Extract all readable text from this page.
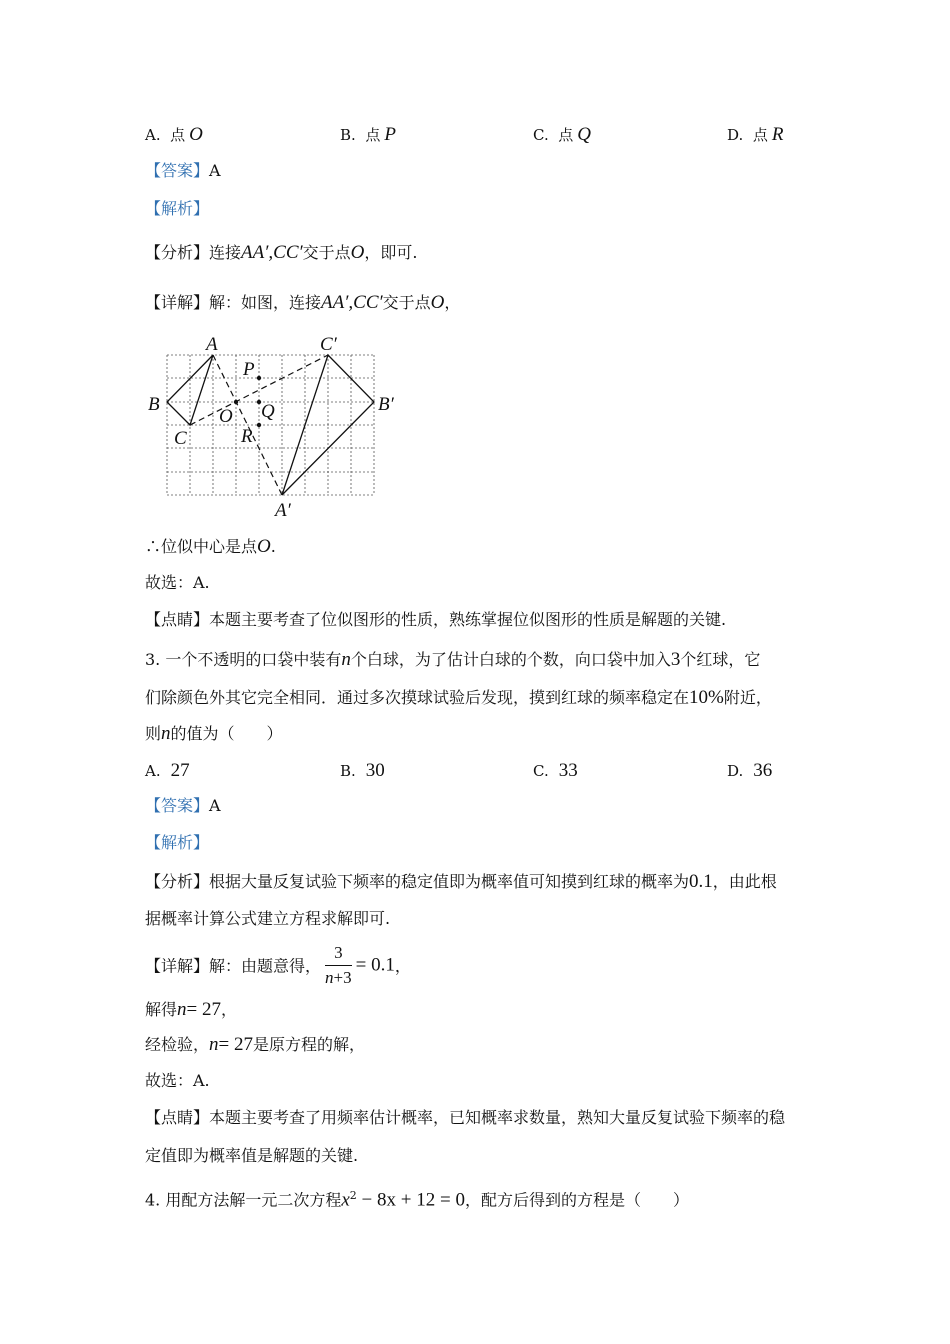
A. 点 O	B. 点 P	C. 点 Q	D. 点 R
【答案】A
【解析】
【分析】连接AA′,CC′交于点O，即可.
【详解】解：如图，连接AA′,CC′交于点O，
A
B
C
C′
B′
A′
O
P
Q
R
∴位似中心是点O.
故选：A.
【点睛】本题主要考查了位似图形的性质，熟练掌握位似图形的性质是解题的关键.
3. 一个不透明的口袋中装有n个白球，为了估计白球的个数，向口袋中加入3个红球，它
们除颜色外其它完全相同．通过多次摸球试验后发现，摸到红球的频率稳定在10%附近，
则n的值为（　　）
A. 27	B. 30	C. 33	D. 36
【答案】A
【解析】
【分析】根据大量反复试验下频率的稳定值即为概率值可知摸到红球的概率为0.1，由此根
据概率计算公式建立方程求解即可.
【详解】解：由题意得， $\frac{3}{n+3} = 0.1$，
解得n= 27，
经检验，n= 27是原方程的解，
故选：A.
【点睛】本题主要考查了用频率估计概率，已知概率求数量，熟知大量反复试验下频率的稳
定值即为概率值是解题的关键.
4. 用配方法解一元二次方程$x^2 - 8x + 12 = 0$，配方后得到的方程是（　　）
